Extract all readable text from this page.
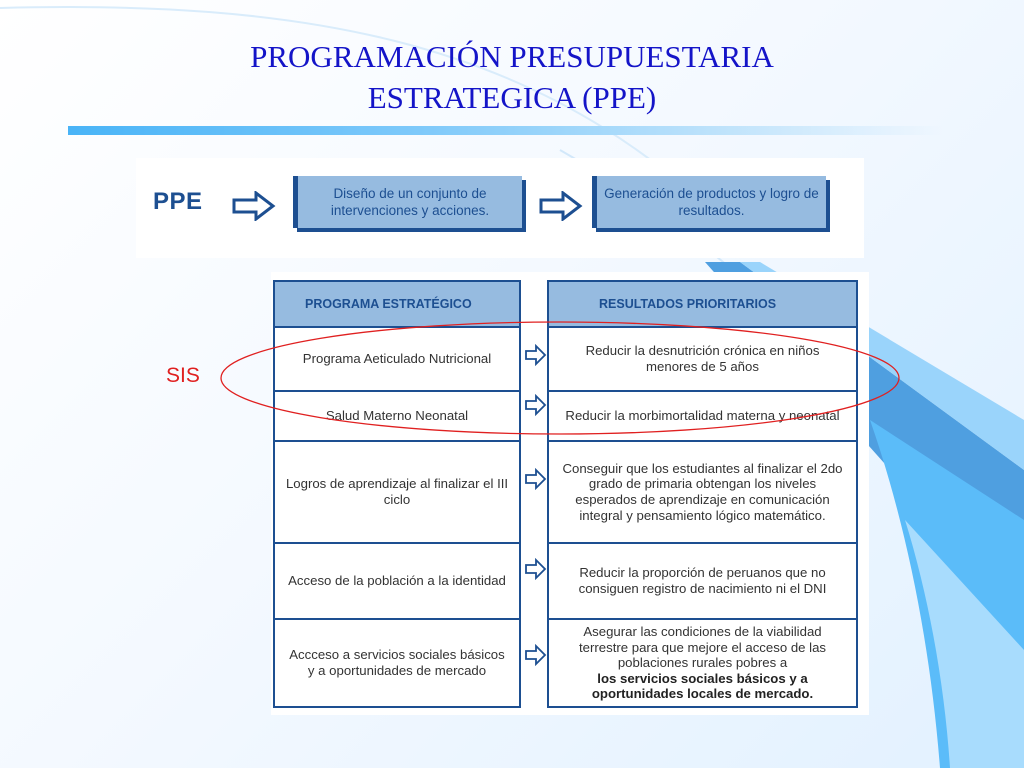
PROGRAMACIÓN PRESUPUESTARIA
ESTRATEGICA (PPE)
PPE	Diseño de un conjunto de intervenciones y acciones.
Generación de productos y logro de resultados.
PROGRAMA ESTRATÉGICO
Programa Aeticulado Nutricional
Salud Materno Neonatal
Logros de aprendizaje al finalizar el III ciclo
Acceso de la población a la identidad
Accceso a servicios sociales básicos y a oportunidades de mercado
RESULTADOS PRIORITARIOS
Reducir la desnutrición crónica en niños menores de 5 años
Reducir la morbimortalidad materna y neonatal
Conseguir que los estudiantes al finalizar el 2do grado de primaria obtengan los niveles esperados de aprendizaje en comunicación integral y pensamiento lógico matemático.
Reducir la proporción de peruanos que no consiguen registro de nacimiento ni el DNI
Asegurar las condiciones de la viabilidad terrestre para que mejore el acceso de las poblaciones rurales pobres a
los servicios sociales básicos y a oportunidades locales de mercado.
SIS
